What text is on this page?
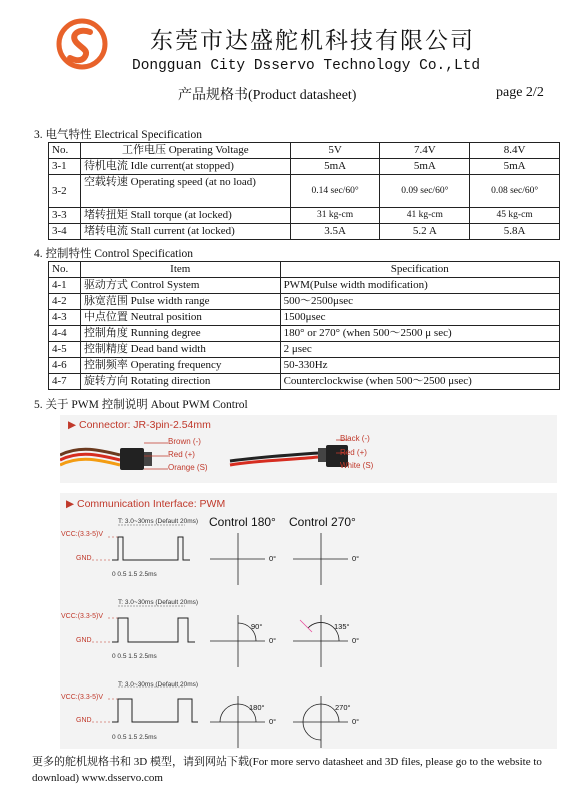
东莞市达盛舵机科技有限公司
Dongguan City Dsservo Technology Co.,Ltd
产品规格书(Product datasheet)	page 2/2
3. 电气特性 Electrical Specification
No.	工作电压 Operating Voltage	5V	7.4V	8.4V
3-1	待机电流 Idle current(at stopped)	5mA	5mA	5mA
3-2	空载转速 Operating speed (at no load)	0.14 sec/60°	0.09 sec/60°	0.08 sec/60°
3-3	堵转扭矩 Stall torque (at locked)	31 kg-cm	41 kg-cm	45 kg-cm
3-4	堵转电流 Stall current (at locked)	3.5A	5.2 A	5.8A
4. 控制特性 Control Specification
No.	Item	Specification
4-1	驱动方式 Control System	PWM(Pulse width modification)
4-2	脉宽范围 Pulse width range	500～2500μsec
4-3	中点位置 Neutral position	1500μsec
4-4	控制角度 Running degree	180° or 270° (when 500～2500 μ sec)
4-5	控制精度 Dead band width	2 μsec
4-6	控制频率 Operating frequency	50-330Hz
4-7	旋转方向 Rotating direction	Counterclockwise (when 500～2500 μsec)
5. 关于 PWM 控制说明 About PWM Control
▶ Connector: JR-3pin-2.54mm
Brown (-)
Red (+)
Orange (S)
Black (-)
Red (+)
White (S)
▶ Communication Interface: PWM
Control 180° Control 270°
T: 3.0~30ms (Default 20ms)
VCC:(3.3-5)V
GND
0 0.5 1.5 2.5ms
0°	0°
T: 3.0~30ms (Default 20ms)
VCC:(3.3-5)V
GND
0 0.5 1.5 2.5ms
90°
0°
135°
0°
T: 3.0~30ms (Default 20ms)
VCC:(3.3-5)V
GND
0 0.5 1.5 2.5ms
180°
0°
270°
0°
更多的舵机规格书和 3D 模型，请到网站下载(For more servo datasheet and 3D files, please go to the website to download) www.dsservo.com
